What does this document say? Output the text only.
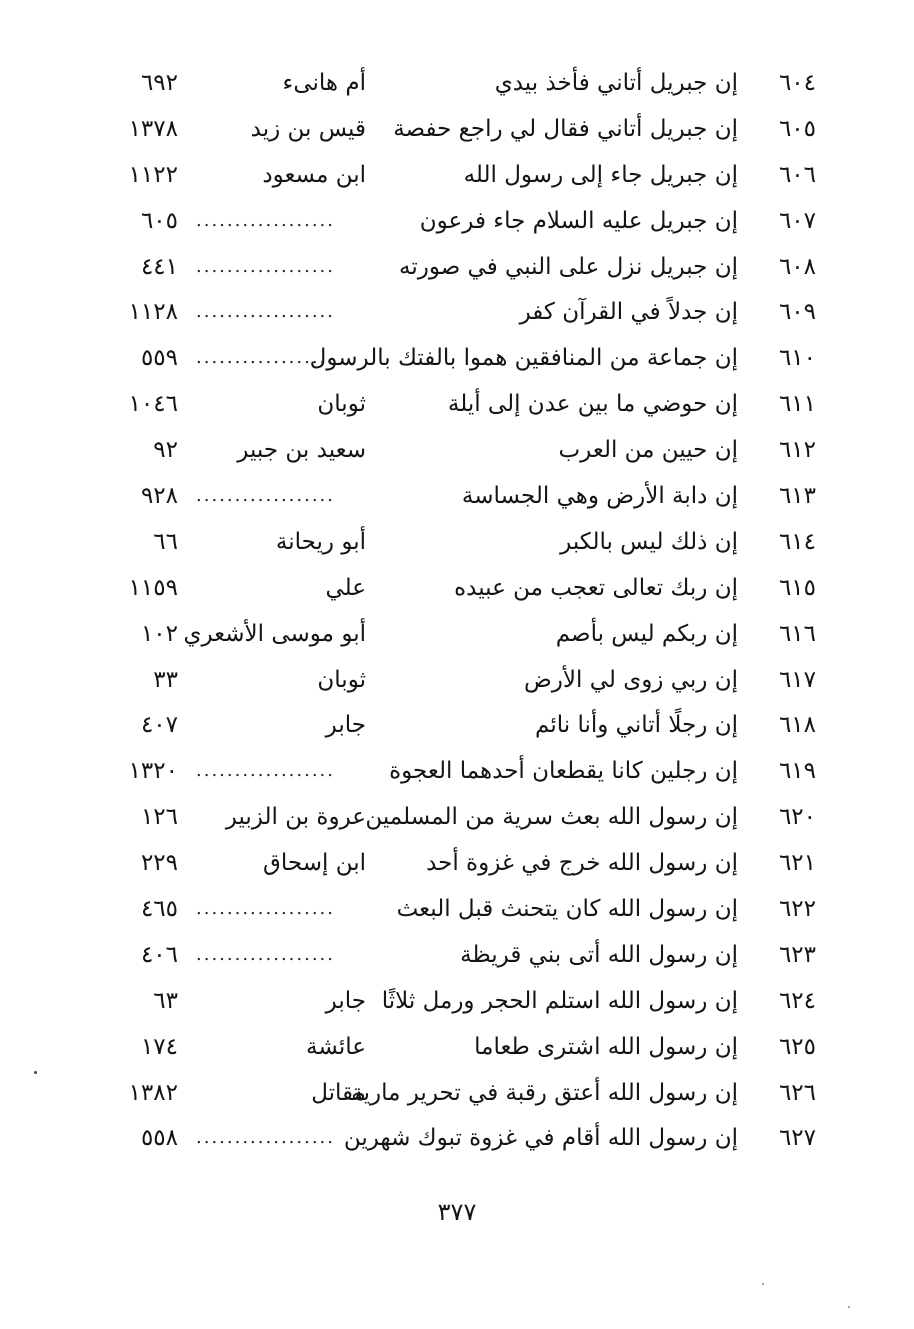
٦٠٤
إن جبريل أتاني فأخذ بيدي
أم هانىء
٦٩٢
٦٠٥
إن جبريل أتاني فقال لي راجع حفصة
قيس بن زيد
١٣٧٨
٦٠٦
إن جبريل جاء إلى رسول الله
ابن مسعود
١١٢٢
٦٠٧
إن جبريل عليه السلام جاء فرعون
..................
٦٠٥
٦٠٨
إن جبريل نزل على النبي في صورته
..................
٤٤١
٦٠٩
إن جدلاً في القرآن كفر
..................
١١٢٨
٦١٠
إن جماعة من المنافقين هموا بالفتك بالرسول
..................
٥٥٩
٦١١
إن حوضي ما بين عدن إلى أيلة
ثوبان
١٠٤٦
٦١٢
إن حيين من العرب
سعيد بن جبير
٩٢
٦١٣
إن دابة الأرض وهي الجساسة
..................
٩٢٨
٦١٤
إن ذلك ليس بالكبر
أبو ريحانة
٦٦
٦١٥
إن ربك تعالى تعجب من عبيده
علي
١١٥٩
٦١٦
إن ربكم ليس بأصم
أبو موسى الأشعري
١٠٢
٦١٧
إن ربي زوى لي الأرض
ثوبان
٣٣
٦١٨
إن رجلًا أتاني وأنا نائم
جابر
٤٠٧
٦١٩
إن رجلين كانا يقطعان أحدهما العجوة
..................
١٣٢٠
٦٢٠
إن رسول الله بعث سرية من المسلمين
عروة بن الزبير
١٢٦
٦٢١
إن رسول الله خرج في غزوة أحد
ابن إسحاق
٢٢٩
٦٢٢
إن رسول الله كان يتحنث قبل البعث
..................
٤٦٥
٦٢٣
إن رسول الله أتى بني قريظة
..................
٤٠٦
٦٢٤
إن رسول الله استلم الحجر ورمل ثلاثًا
جابر
٦٣
٦٢٥
إن رسول الله اشترى طعاما
عائشة
١٧٤
٦٢٦
إن رسول الله أعتق رقبة في تحرير مارية
مقاتل
١٣٨٢
٦٢٧
إن رسول الله أقام في غزوة تبوك شهرين
..................
٥٥٨
٣٧٧
